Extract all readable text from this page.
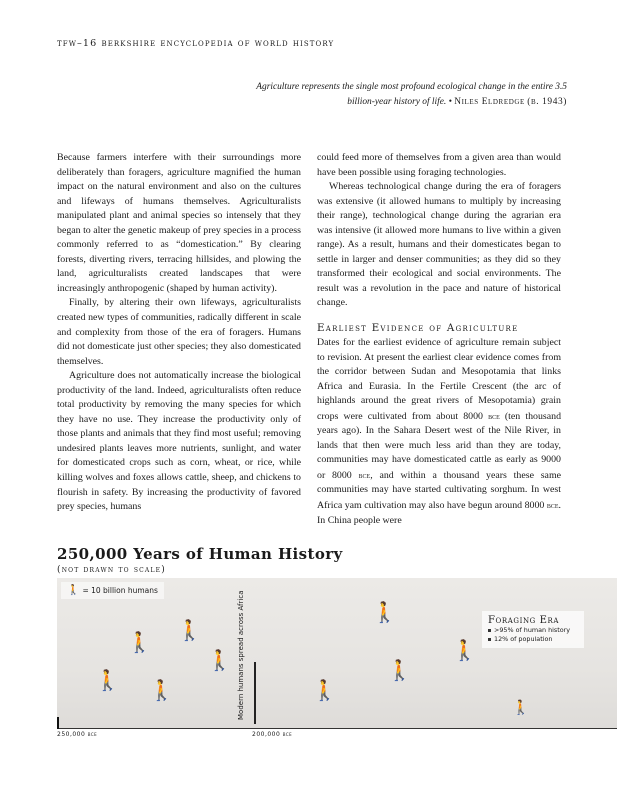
tfw–16 berkshire encyclopedia of world history
Agriculture represents the single most profound ecological change in the entire 3.5 billion-year history of life. • Niles Eldredge (b. 1943)

Because farmers interfere with their surroundings more deliberately than foragers, agriculture magnified the human impact on the natural environment and also on the cultures and lifeways of humans themselves. Agriculturalists manipulated plant and animal species so intensely that they began to alter the genetic makeup of prey species in a process commonly referred to as “domestication.” By clearing forests, diverting rivers, terracing hillsides, and plowing the land, agriculturalists created landscapes that were increasingly anthropogenic (shaped by human activity).

Finally, by altering their own lifeways, agriculturalists created new types of communities, radically different in scale and complexity from those of the era of foragers. Humans did not domesticate just other species; they also domesticated themselves.

Agriculture does not automatically increase the biological productivity of the land. Indeed, agriculturalists often reduce total productivity by removing the many species for which they have no use. They increase the productivity only of those plants and animals that they find most useful; removing undesired plants leaves more nutrients, sunlight, and water for domesticated crops such as corn, wheat, or rice, while killing wolves and foxes allows cattle, sheep, and chickens to flourish in safety. By increasing the productivity of favored prey species, humans

could feed more of themselves from a given area than would have been possible using foraging technologies.

Whereas technological change during the era of foragers was extensive (it allowed humans to multiply by increasing their range), technological change during the agrarian era was intensive (it allowed more humans to live within a given range). As a result, humans and their domesticates began to settle in larger and denser communities; as they did so they transformed their ecological and social environments. The result was a revolution in the pace and nature of historical change.

Earliest Evidence of Agriculture

Dates for the earliest evidence of agriculture remain subject to revision. At present the earliest clear evidence comes from the corridor between Sudan and Mesopotamia that links Africa and Eurasia. In the Fertile Crescent (the arc of highlands around the great rivers of Mesopotamia) grain crops were cultivated from about 8000 bce (ten thousand years ago). In the Sahara Desert west of the Nile River, in lands that then were much less arid than they are today, communities may have domesticated cattle as early as 9000 or 8000 bce, and within a thousand years these same communities may have started cultivating sorghum. In west Africa yam cultivation may also have begun around 8000 bce. In China people were

250,000 Years of Human History
(not drawn to scale)
🚶 = 10 billion humans
🚶
🚶
🚶 🚶
🚶
🚶
🚶
🚶
🚶
🚶
Modern humans spread across Africa	Foraging Era
>95% of human history
12% of population
250,000 bce	200,000 bce
